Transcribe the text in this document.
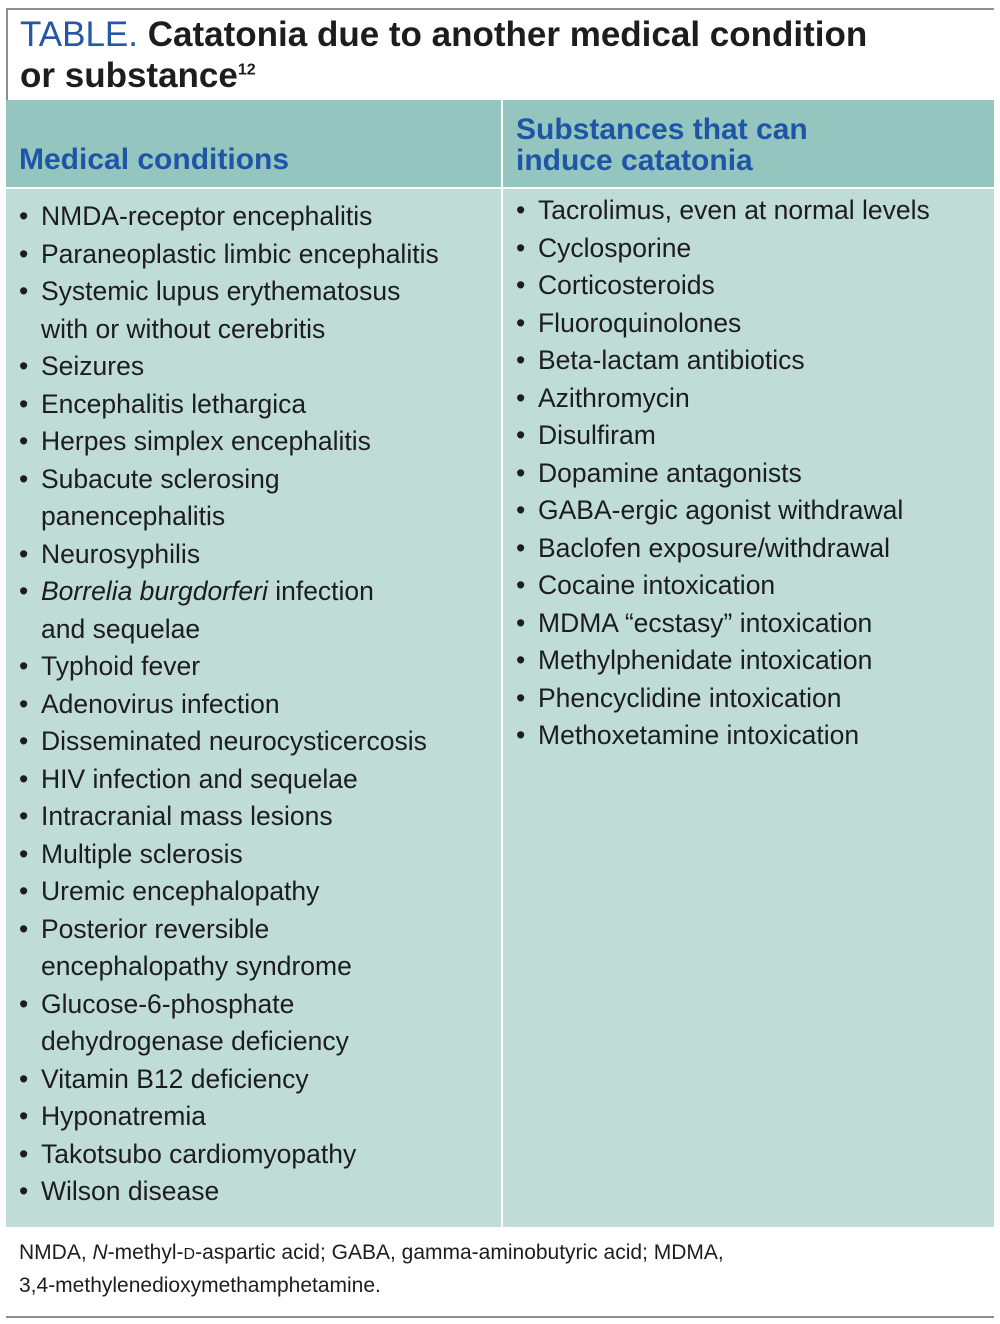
TABLE. Catatonia due to another medical condition
or substance$^{12}$
Medical conditions
Substances that can
induce catatonia
• NMDA-receptor encephalitis
• Paraneoplastic limbic encephalitis
• Systemic lupus erythematosus
with or without cerebritis
• Seizures
• Encephalitis lethargica
• Herpes simplex encephalitis
• Subacute sclerosing
panencephalitis
• Neurosyphilis
• Borrelia burgdorferi infection
and sequelae
• Typhoid fever
• Adenovirus infection
• Disseminated neurocysticercosis
• HIV infection and sequelae
• Intracranial mass lesions
• Multiple sclerosis
• Uremic encephalopathy
• Posterior reversible
encephalopathy syndrome
• Glucose-6-phosphate
dehydrogenase deficiency
• Vitamin B12 deficiency
• Hyponatremia
• Takotsubo cardiomyopathy
• Wilson disease
• Tacrolimus, even at normal levels
• Cyclosporine
• Corticosteroids
• Fluoroquinolones
• Beta-lactam antibiotics
• Azithromycin
• Disulfiram
• Dopamine antagonists
• GABA-ergic agonist withdrawal
• Baclofen exposure/withdrawal
• Cocaine intoxication
• MDMA “ecstasy” intoxication
• Methylphenidate intoxication
• Phencyclidine intoxication
• Methoxetamine intoxication
NMDA, N-methyl-D-aspartic acid; GABA, gamma-aminobutyric acid; MDMA,
3,4-methylenedioxymethamphetamine.
